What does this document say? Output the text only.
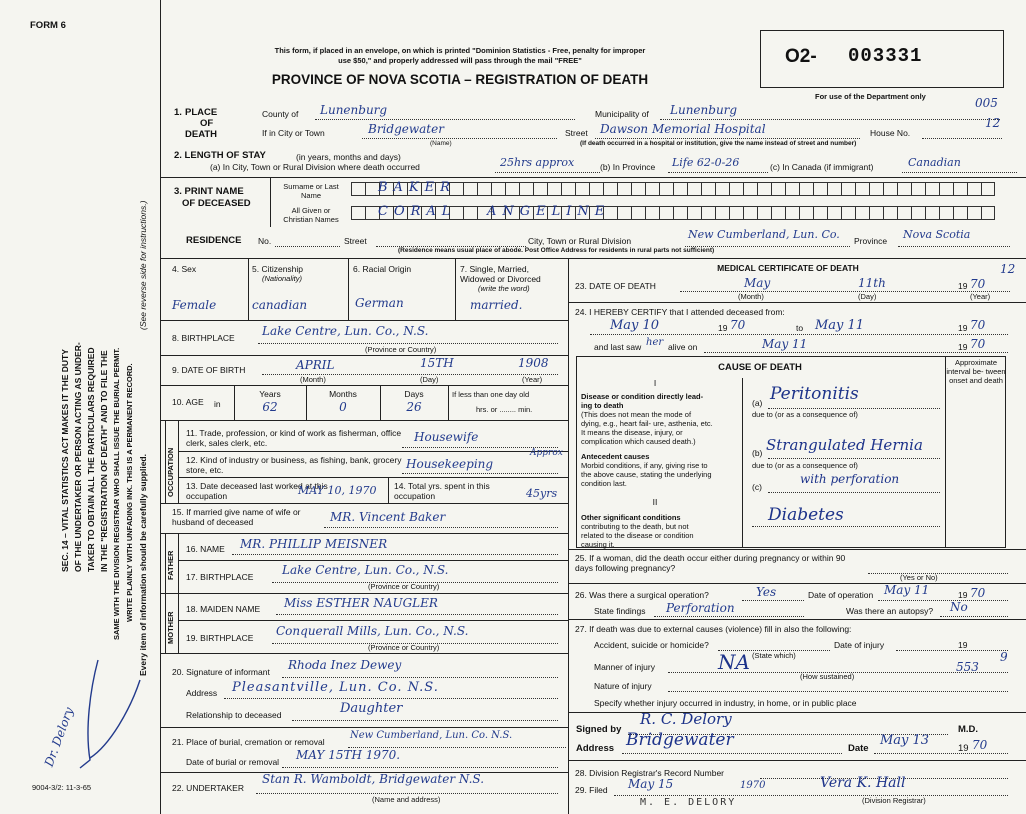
FORM 6
SEC. 14 – VITAL STATISTICS ACT MAKES IT THE DUTY OF THE UNDERTAKER OR PERSON ACTING AS UNDER- TAKER TO OBTAIN ALL THE PARTICULARS REQUIRED IN THE "REGISTRATION OF DEATH" AND TO FILE THE SAME WITH THE DIVISION REGISTRAR WHO SHALL ISSUE THE BURIAL PERMIT. WRITE PLAINLY WITH UNFADING INK. THIS IS A PERMANENT RECORD. Every item of information should be carefully supplied.
(See reverse side for instructions.)
Dr. Delory
9004-3/2: 11-3-65
This form, if placed in an envelope, on which is printed "Dominion Statistics - Free, penalty for improper
use $50," and properly addressed will pass through the mail "FREE"
PROVINCE OF NOVA SCOTIA – REGISTRATION OF DEATH
O2- 003331
For use of the Department only	005
12
1. PLACE
OF
DEATH
County of Lunenburg	Municipality of Lunenburg
If in City or Town	Bridgewater
(Name)
Street Dawson Memorial Hospital	House No.
(If death occurred in a hospital or institution, give the name instead of street and number)
2. LENGTH OF STAY	(in years, months and days)
(a) In City, Town or Rural Division where death occurred	25hrs approx	(b) In Province Life 62-0-26	(c) In Canada (if immigrant)	Canadian
3. PRINT NAME
OF DECEASED
Surname or Last Name
All Given or Christian Names
BAKER
CORAL ANGELINE
RESIDENCE No.	Street	City, Town or Rural Division	New Cumberland, Lun. Co. Province Nova Scotia
(Residence means usual place of abode. Post Office Address for residents in rural parts not sufficient)
4. Sex
Female
5. Citizenship
(Nationality)
canadian
6. Racial Origin
German
7. Single, Married, Widowed or Divorced
(write the word)
married.
8. BIRTHPLACE Lake Centre, Lun. Co., N.S.
(Province or Country)
9. DATE OF BIRTH	APRIL	15TH	1908
(Month)	(Day)	(Year)
10. AGE in
Years	Months	Days
62	0	26
If less than one day old
hrs. or ........ min.
OCCUPATION
11. Trade, profession, or kind of work as fisherman, office clerk, sales clerk, etc.	Housewife
12. Kind of industry or business, as fishing, bank, grocery store, etc.	Housekeeping
Approx
13. Date deceased last worked at this occupation	MAY 10, 1970 14. Total yrs. spent in this occupation	45yrs
15. If married give name of wife or husband of deceased	MR. Vincent Baker
FATHER
16. NAME MR. PHILLIP MEISNER
17. BIRTHPLACE Lake Centre, Lun. Co., N.S.
(Province or Country)
MOTHER
18. MAIDEN NAME Miss ESTHER NAUGLER
19. BIRTHPLACE Conquerall Mills, Lun. Co., N.S.
(Province or Country)
20. Signature of informant Rhoda Inez Dewey
Address Pleasantville, Lun. Co. N.S.
Relationship to deceased	Daughter
21. Place of burial, cremation or removal
New Cumberland, Lun. Co. N.S.
Date of burial or removal MAY 15TH 1970.
22. UNDERTAKER
Stan R. Wamboldt, Bridgewater N.S.
(Name and address)
MEDICAL CERTIFICATE OF DEATH	12
23. DATE OF DEATH	May	11th	19 70
(Month)	(Day)	(Year)
24. I HEREBY CERTIFY that I attended deceased from:
May 10	19 70	to May 11	19 70
and last saw her alive on	May 11	19 70
CAUSE OF DEATH	Approximate interval be- tween onset and death
I
Disease or condition directly lead- ing to death
(This does not mean the mode of dying, e.g., heart fail- ure, asthenia, etc. It means the disease, injury, or complication which caused death.)
Antecedent causes
Morbid conditions, if any, giving rise to the above cause, stating the underlying condition last.
II
Other significant conditions
contributing to the death, but not related to the disease or condition causing it.
(a) Peritonitis
due to (or as a consequence of)
(b) Strangulated Hernia
due to (or as a consequence of)
(c)
with perforation
Diabetes
25. If a woman, did the death occur either during pregnancy or within 90 days following pregnancy?
(Yes or No)
26. Was there a surgical operation?	Yes	Date of operation May 11	19 70
State findings Perforation	Was there an autopsy? No
27. If death was due to external causes (violence) fill in also the following:
Accident, suicide or homicide?
(State which)
Date of injury	19
Manner of injury	NA
(How sustained)
553
9
Nature of injury
Specify whether injury occurred in industry, in home, or in public place
Signed by
R. C. Delory
M.D.
Address Bridgewater	Date
May 13
19 70
28. Division Registrar's Record Number
29. Filed May 15	1970	Vera K. Hall
(Division Registrar)
M. E. DELORY
